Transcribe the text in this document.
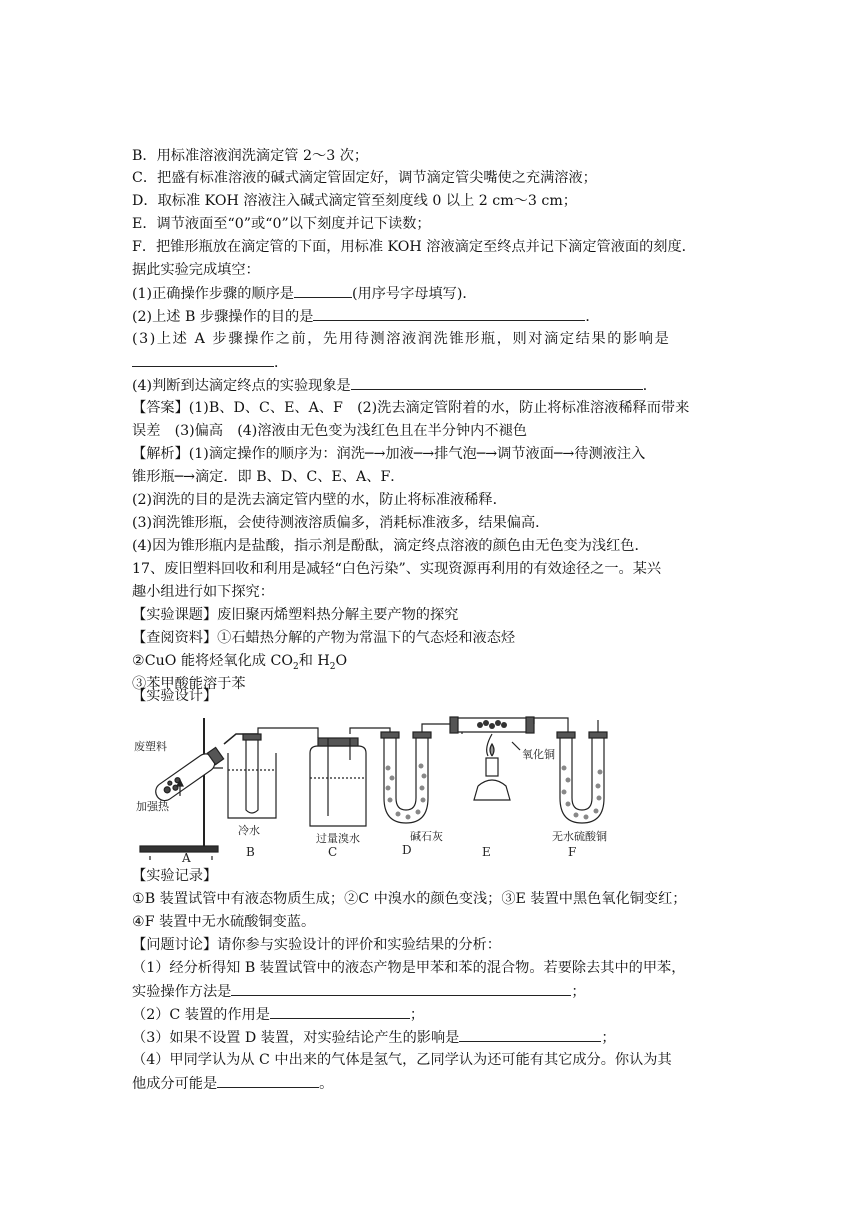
B．用标准溶液润洗滴定管 2～3 次；
C．把盛有标准溶液的碱式滴定管固定好，调节滴定管尖嘴使之充满溶液；
D．取标准 KOH 溶液注入碱式滴定管至刻度线 0 以上 2 cm～3 cm；
E．调节液面至“0”或“0”以下刻度并记下读数；
F．把锥形瓶放在滴定管的下面，用标准 KOH 溶液滴定至终点并记下滴定管液面的刻度．
据此实验完成填空：
(1)正确操作步骤的顺序是	(用序号字母填写)．
(2)上述 B 步骤操作的目的是	．
(3)上述 A 步骤操作之前，先用待测溶液润洗锥形瓶，则对滴定结果的影响是
．
(4)判断到达滴定终点的实验现象是	．
【答案】(1)B、D、C、E、A、F　(2)洗去滴定管附着的水，防止将标准溶液稀释而带来
误差　(3)偏高　(4)溶液由无色变为浅红色且在半分钟内不褪色
【解析】(1)滴定操作的顺序为：润洗─→加液─→排气泡─→调节液面─→待测液注入
锥形瓶─→滴定．即 B、D、C、E、A、F．
(2)润洗的目的是洗去滴定管内壁的水，防止将标准液稀释．
(3)润洗锥形瓶，会使待测液溶质偏多，消耗标准液多，结果偏高．
(4)因为锥形瓶内是盐酸，指示剂是酚酞，滴定终点溶液的颜色由无色变为浅红色．
17、废旧塑料回收和利用是减轻“白色污染”、实现资源再利用的有效途径之一。某兴
趣小组进行如下探究：
【实验课题】废旧聚丙烯塑料热分解主要产物的探究
【查阅资料】①石蜡热分解的产物为常温下的气态烃和液态烃
②CuO 能将烃氧化成 $CO_2$和 $H_2O$
③苯甲酸能溶于苯
【实验设计】
废塑料
加强热
冷水
过量溴水	碱石灰
氧化铜
无水硫酸铜
A	B	C	D	E	F
【实验记录】
①B 装置试管中有液态物质生成；②C 中溴水的颜色变浅；③E 装置中黑色氧化铜变红；
④F 装置中无水硫酸铜变蓝。
【问题讨论】请你参与实验设计的评价和实验结果的分析：
（1）经分析得知 B 装置试管中的液态产物是甲苯和苯的混合物。若要除去其中的甲苯，
实验操作方法是	；
（2）C 装置的作用是	；
（3）如果不设置 D 装置，对实验结论产生的影响是	；
（4）甲同学认为从 C 中出来的气体是氢气，乙同学认为还可能有其它成分。你认为其
他成分可能是	。
